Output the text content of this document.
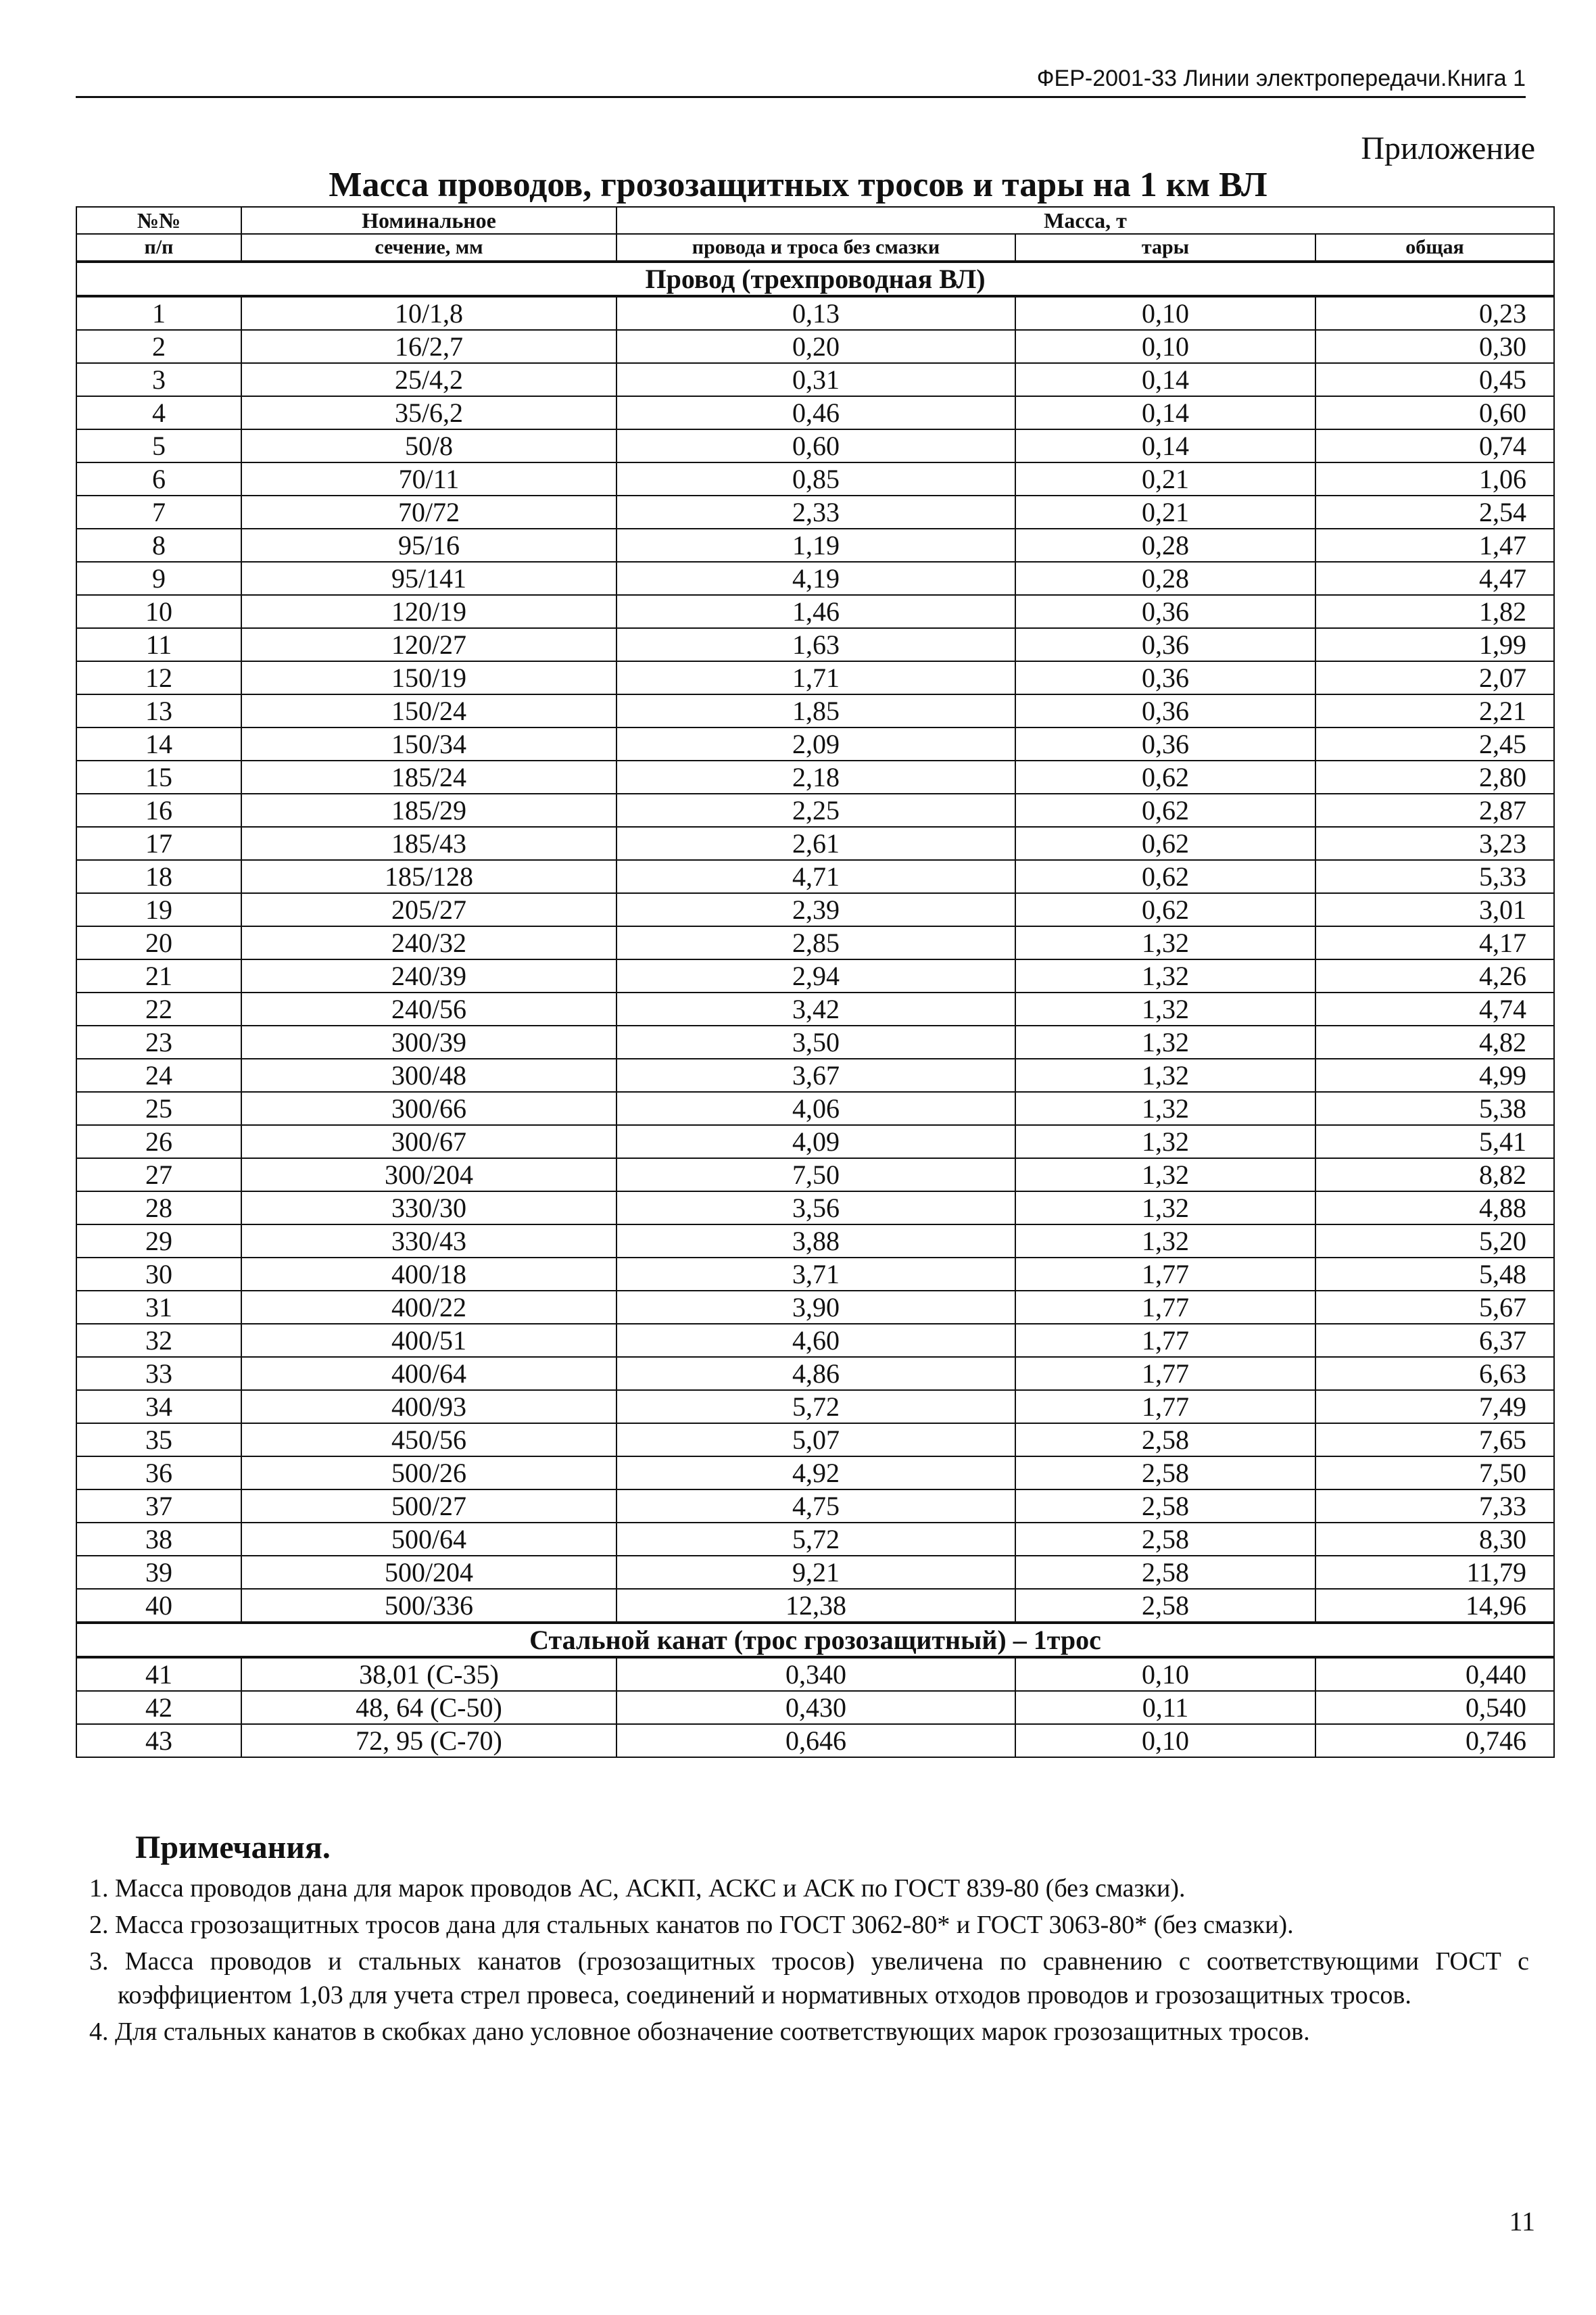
ФЕР-2001-33 Линии электропередачи.Книга 1
Приложение
Масса проводов, грозозащитных тросов и тары на 1 км ВЛ
№№	Номинальное	Масса, т		
п/п	сечение, мм	провода и троса без смазки	тары	общая
Провод (трехпроводная ВЛ)				
1	10/1,8	0,13	0,10	0,23
2	16/2,7	0,20	0,10	0,30
3	25/4,2	0,31	0,14	0,45
4	35/6,2	0,46	0,14	0,60
5	50/8	0,60	0,14	0,74
6	70/11	0,85	0,21	1,06
7	70/72	2,33	0,21	2,54
8	95/16	1,19	0,28	1,47
9	95/141	4,19	0,28	4,47
10	120/19	1,46	0,36	1,82
11	120/27	1,63	0,36	1,99
12	150/19	1,71	0,36	2,07
13	150/24	1,85	0,36	2,21
14	150/34	2,09	0,36	2,45
15	185/24	2,18	0,62	2,80
16	185/29	2,25	0,62	2,87
17	185/43	2,61	0,62	3,23
18	185/128	4,71	0,62	5,33
19	205/27	2,39	0,62	3,01
20	240/32	2,85	1,32	4,17
21	240/39	2,94	1,32	4,26
22	240/56	3,42	1,32	4,74
23	300/39	3,50	1,32	4,82
24	300/48	3,67	1,32	4,99
25	300/66	4,06	1,32	5,38
26	300/67	4,09	1,32	5,41
27	300/204	7,50	1,32	8,82
28	330/30	3,56	1,32	4,88
29	330/43	3,88	1,32	5,20
30	400/18	3,71	1,77	5,48
31	400/22	3,90	1,77	5,67
32	400/51	4,60	1,77	6,37
33	400/64	4,86	1,77	6,63
34	400/93	5,72	1,77	7,49
35	450/56	5,07	2,58	7,65
36	500/26	4,92	2,58	7,50
37	500/27	4,75	2,58	7,33
38	500/64	5,72	2,58	8,30
39	500/204	9,21	2,58	11,79
40	500/336	12,38	2,58	14,96
Стальной канат (трос грозозащитный) – 1трос				
41	38,01 (С-35)	0,340	0,10	0,440
42	48, 64 (С-50)	0,430	0,11	0,540
43	72, 95 (С-70)	0,646	0,10	0,746
Примечания.
1. Масса проводов дана для марок проводов АС, АСКП, АСКС и АСК по ГОСТ 839-80 (без смазки).
2. Масса грозозащитных тросов дана для стальных канатов по ГОСТ 3062-80* и ГОСТ 3063-80* (без смазки).
3. Масса проводов и стальных канатов (грозозащитных тросов) увеличена по сравнению с соответствующими ГОСТ с коэффициентом 1,03 для учета стрел провеса, соединений и нормативных отходов проводов и грозозащитных тросов.
4. Для стальных канатов в скобках дано условное обозначение соответствующих марок грозозащитных тросов.
11
